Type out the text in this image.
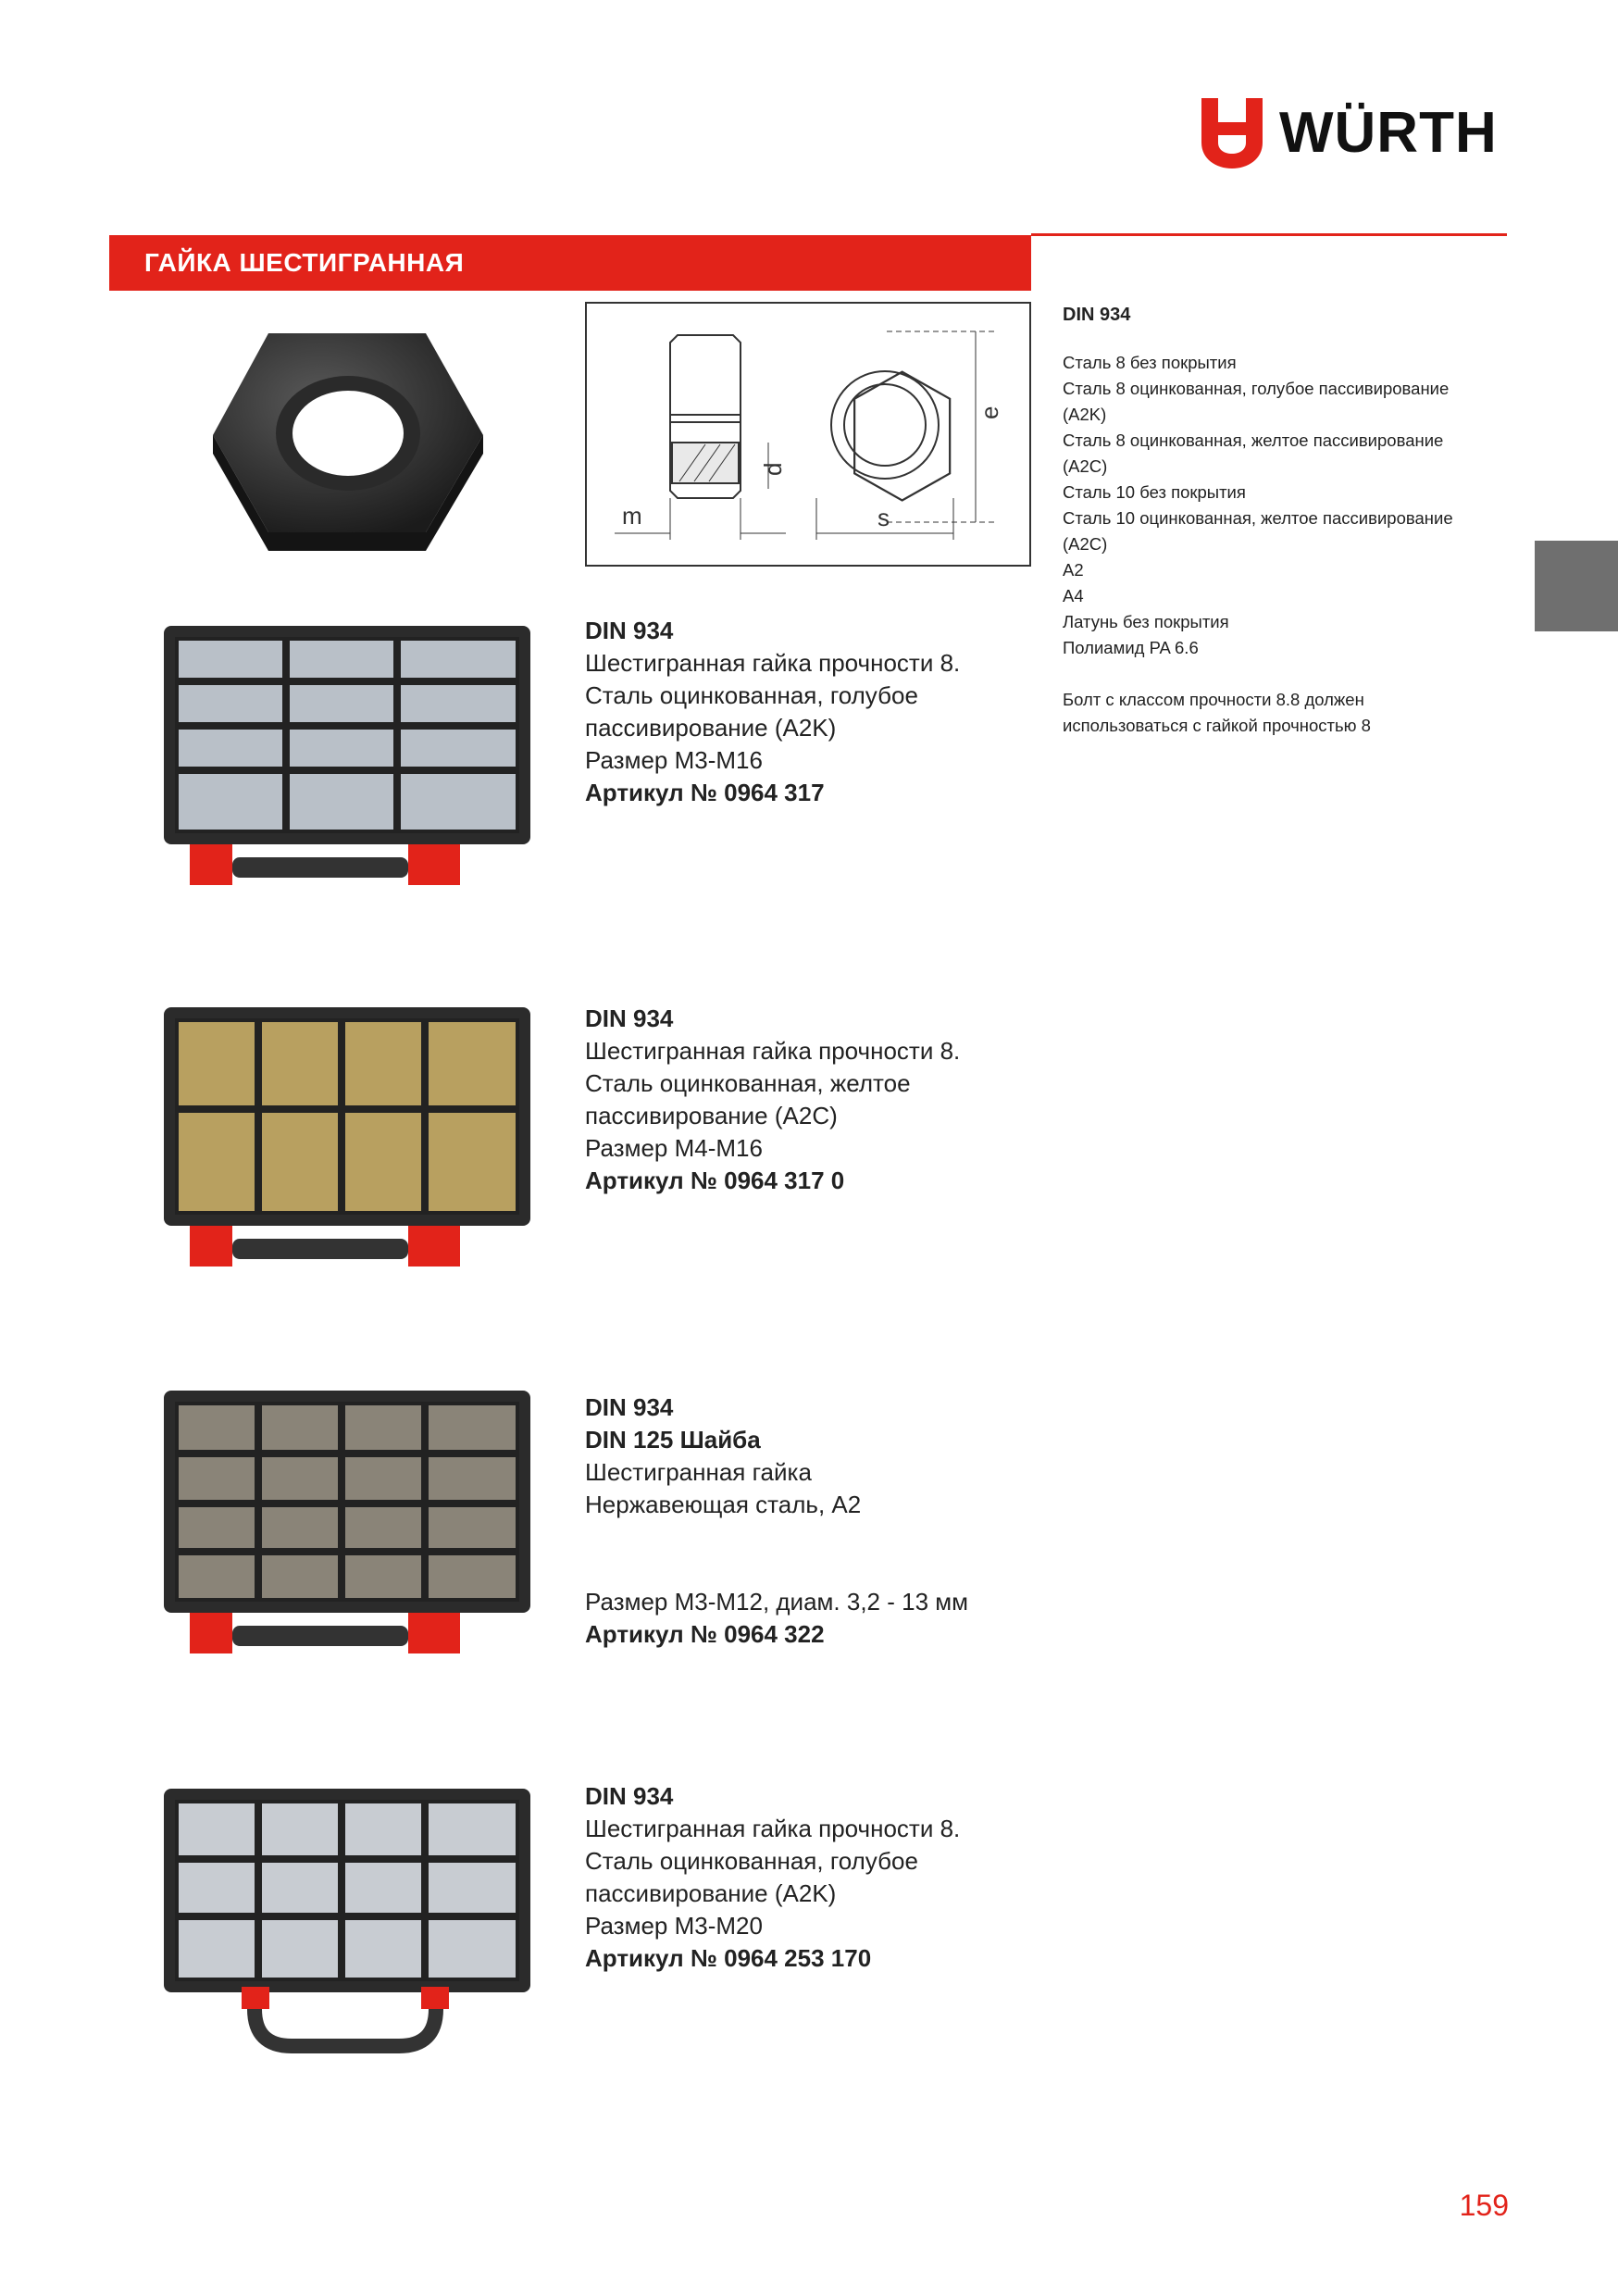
WÜRTH
ГАЙКА ШЕСТИГРАННАЯ
m
d
s
e
DIN 934
Сталь 8 без покрытия
Сталь 8 оцинкованная, голубое пассивирование
(A2K)
Сталь 8 оцинкованная, желтое пассивирование
(A2C)
Сталь 10 без покрытия
Сталь 10 оцинкованная, желтое пассивирование
(A2C)
A2
A4
Латунь без покрытия
Полиамид PA 6.6
Болт с классом прочности 8.8 должен
использоваться с гайкой прочностью 8
DIN 934
Шестигранная гайка прочности 8.
Сталь оцинкованная, голубое
пассивирование (A2K)
Размер M3-M16
Артикул № 0964 317
DIN 934
Шестигранная гайка прочности 8.
Сталь оцинкованная, желтое
пассивирование (A2C)
Размер M4-M16
Артикул № 0964 317 0
DIN 934
DIN 125 Шайба
Шестигранная гайка
Нержавеющая сталь, A2
Размер M3-M12, диам. 3,2 - 13 мм
Артикул № 0964 322
DIN 934
Шестигранная гайка прочности 8.
Сталь оцинкованная, голубое
пассивирование (A2K)
Размер M3-M20
Артикул № 0964 253 170
159
